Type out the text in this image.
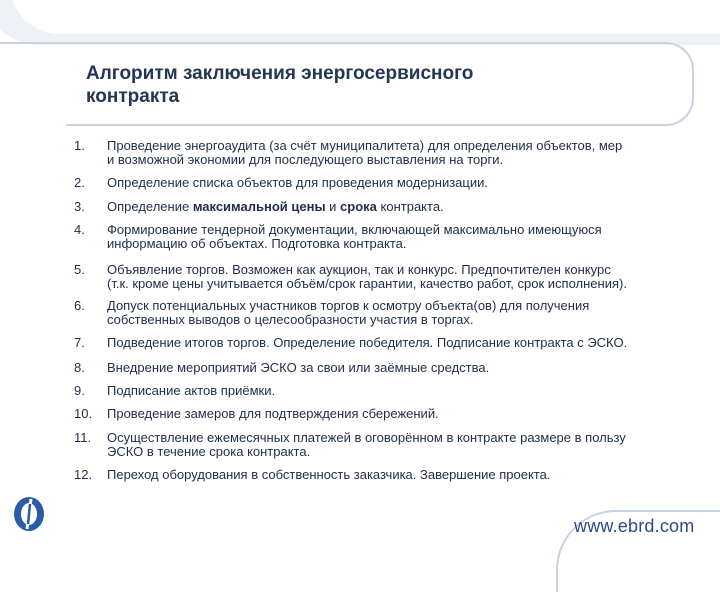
Алгоритм заключения энергосервисного
контракта
1.	Проведение энергоаудита (за счёт муниципалитета) для определения объектов, мер
и возможной экономии для последующего выставления на торги.
2.	Определение списка объектов для проведения модернизации.
3.	Определение максимальной цены и срока контракта.
4.	Формирование тендерной документации, включающей максимально имеющуюся
информацию об объектах. Подготовка контракта.
5.	Объявление торгов. Возможен как аукцион, так и конкурс. Предпочтителен конкурс
(т.к. кроме цены учитывается объём/срок гарантии, качество работ, срок исполнения).
6.	Допуск потенциальных участников торгов к осмотру объекта(ов) для получения
собственных выводов о целесообразности участия в торгах.
7.	Подведение итогов торгов. Определение победителя. Подписание контракта с ЭСКО.
8.	Внедрение мероприятий ЭСКО за свои или заёмные средства.
9.	Подписание актов приёмки.
10.	Проведение замеров для подтверждения сбережений.
11.	Осуществление ежемесячных платежей в оговорённом в контракте размере в пользу
ЭСКО в течение срока контракта.
12.	Переход оборудования в собственность заказчика. Завершение проекта.
www.ebrd.com
